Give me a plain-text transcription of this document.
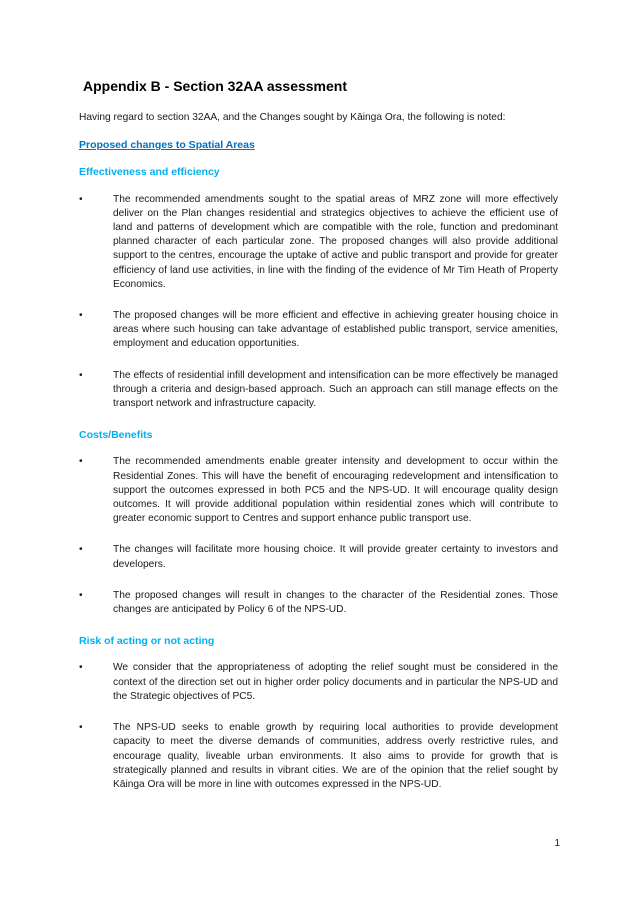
Appendix B - Section 32AA assessment

Having regard to section 32AA, and the Changes sought by Kāinga Ora, the following is noted:

Proposed changes to Spatial Areas
Effectiveness and efficiency
•	The recommended amendments sought to the spatial areas of MRZ zone will more effectively deliver on the Plan changes residential and strategics objectives to achieve the efficient use of land and patterns of development which are compatible with the role, function and predominant planned character of each particular zone. The proposed changes will also provide additional support to the centres, encourage the uptake of active and public transport and provide for greater efficiency of land use activities, in line with the finding of the evidence of Mr Tim Heath of Property Economics.

•	The proposed changes will be more efficient and effective in achieving greater housing choice in areas where such housing can take advantage of established public transport, service amenities, employment and education opportunities.

•	The effects of residential infill development and intensification can be more effectively be managed through a criteria and design-based approach. Such an approach can still manage effects on the transport network and infrastructure capacity.

Costs/Benefits
•	The recommended amendments enable greater intensity and development to occur within the Residential Zones. This will have the benefit of encouraging redevelopment and intensification to support the outcomes expressed in both PC5 and the NPS-UD. It will encourage quality design outcomes. It will provide additional population within residential zones which will contribute to greater economic support to Centres and support enhance public transport use.

•	The changes will facilitate more housing choice. It will provide greater certainty to investors and developers.

•	The proposed changes will result in changes to the character of the Residential zones. Those changes are anticipated by Policy 6 of the NPS-UD.

Risk of acting or not acting
•	We consider that the appropriateness of adopting the relief sought must be considered in the context of the direction set out in higher order policy documents and in particular the NPS-UD and the Strategic objectives of PC5.

•	The NPS-UD seeks to enable growth by requiring local authorities to provide development capacity to meet the diverse demands of communities, address overly restrictive rules, and encourage quality, liveable urban environments. It also aims to provide for growth that is strategically planned and results in vibrant cities. We are of the opinion that the relief sought by Kāinga Ora will be more in line with outcomes expressed in the NPS-UD.

1
